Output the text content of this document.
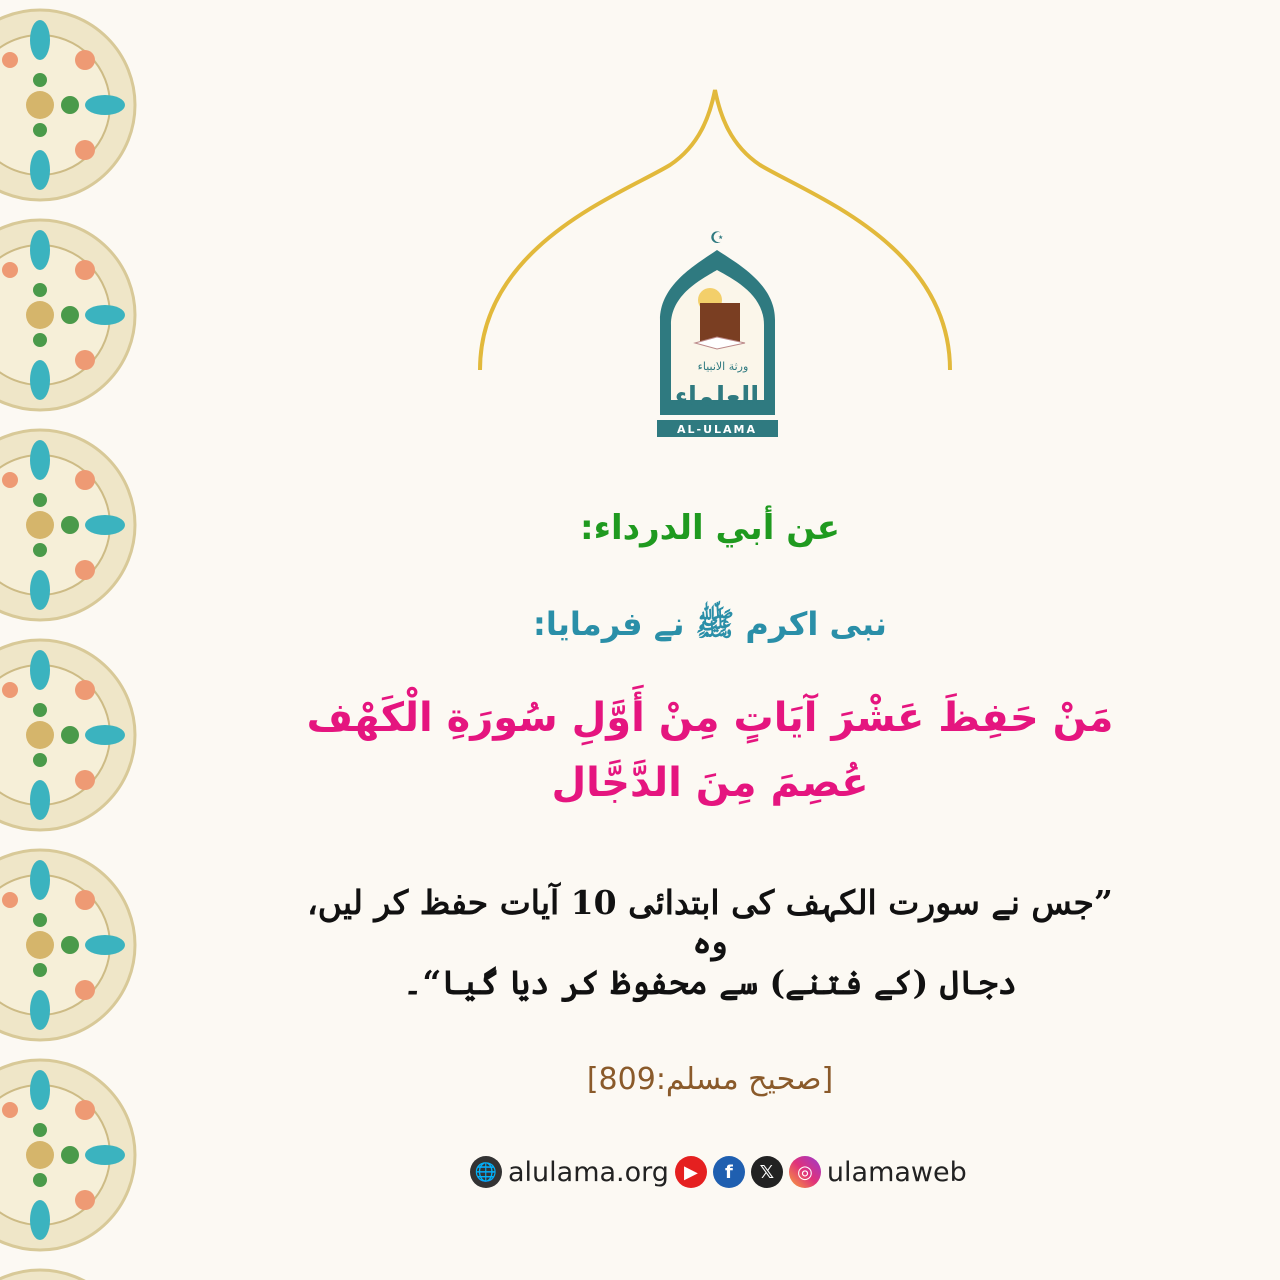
☪
ورثة الانبياء
العلماء
AL-ULAMA
عن أبي الدرداء:
نبی اکرم ﷺ نے فرمایا:
مَنْ حَفِظَ عَشْرَ آيَاتٍ مِنْ أَوَّلِ سُورَةِ الْكَهْف
عُصِمَ مِنَ الدَّجَّال
”جس نے سورت الکہف کی ابتدائی 10 آیات حفظ کر لیں، وہ
دجال (کے فتنے) سے محفوظ کر دیا گیا“۔
[صحيح مسلم:809]
🌐 alulama.org ▶	f	𝕏	◎ ulamaweb
